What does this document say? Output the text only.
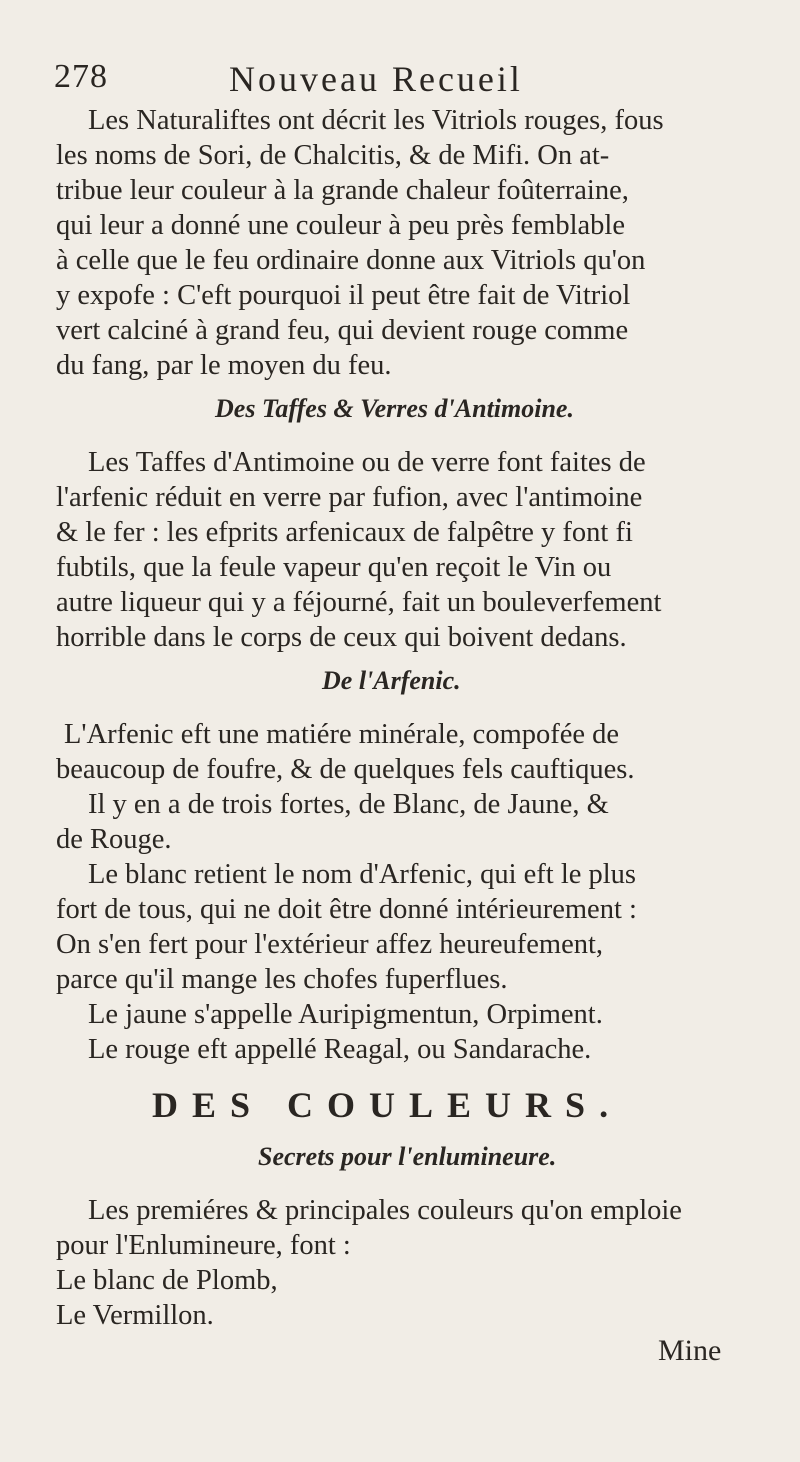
278	Nouveau Recueil
Les Naturaliftes ont décrit les Vitriols rouges, fous
les noms de Sori, de Chalcitis, & de Mifi. On at-
tribue leur couleur à la grande chaleur foûterraine,
qui leur a donné une couleur à peu près femblable
à celle que le feu ordinaire donne aux Vitriols qu'on
y expofe : C'eft pourquoi il peut être fait de Vitriol
vert calciné à grand feu, qui devient rouge comme
du fang, par le moyen du feu.
Des Taffes & Verres d'Antimoine.
Les Taffes d'Antimoine ou de verre font faites de
l'arfenic réduit en verre par fufion, avec l'antimoine
& le fer : les efprits arfenicaux de falpêtre y font fi
fubtils, que la feule vapeur qu'en reçoit le Vin ou
autre liqueur qui y a féjourné, fait un bouleverfement
horrible dans le corps de ceux qui boivent dedans.
De l'Arfenic.
L'Arfenic eft une matiére minérale, compofée de
beaucoup de foufre, & de quelques fels cauftiques.
Il y en a de trois fortes, de Blanc, de Jaune, &
de Rouge.
Le blanc retient le nom d'Arfenic, qui eft le plus
fort de tous, qui ne doit être donné intérieurement :
On s'en fert pour l'extérieur affez heureufement,
parce qu'il mange les chofes fuperflues.
Le jaune s'appelle Auripigmentun, Orpiment.
Le rouge eft appellé Reagal, ou Sandarache.
DES COULEURS.
Secrets pour l'enlumineure.
Les premiéres & principales couleurs qu'on emploie
pour l'Enlumineure, font :
Le blanc de Plomb,
Le Vermillon.
Mine
